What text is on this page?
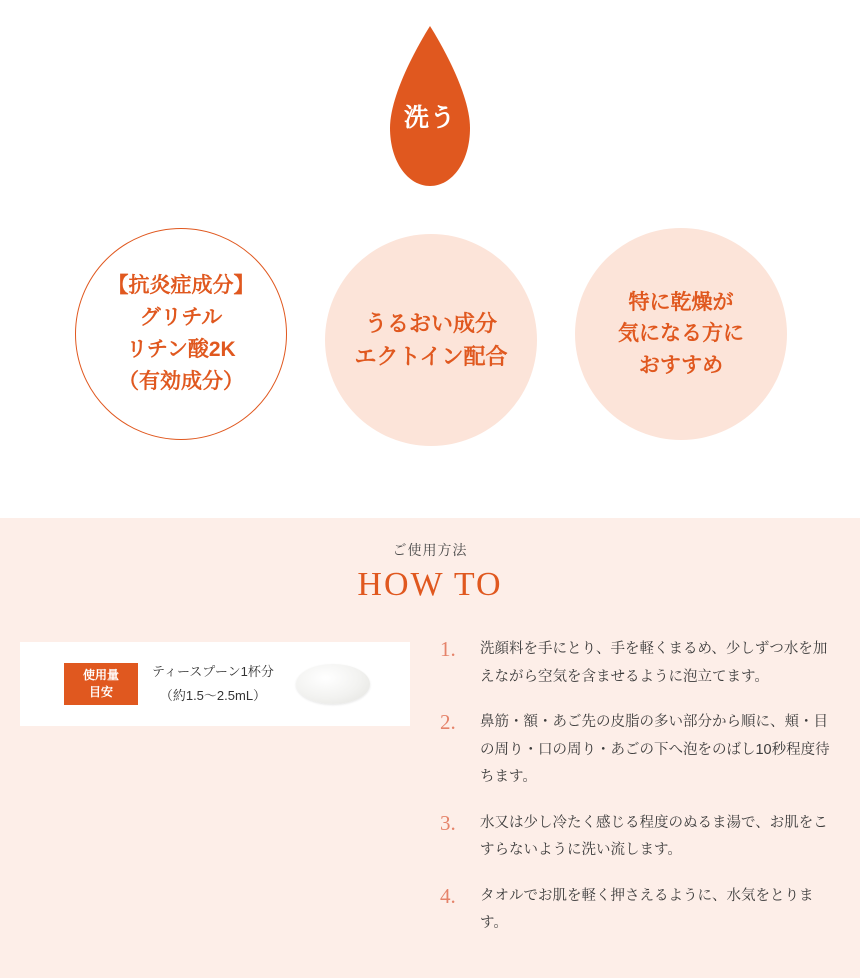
洗う
【抗炎症成分】
グリチル
リチン酸2K
（有効成分）
うるおい成分
エクトイン配合
特に乾燥が
気になる方に
おすすめ
ご使用方法
HOW TO
使用量
目安
ティースプーン1杯分
（約1.5〜2.5mL）
1.	洗顔料を手にとり、手を軽くまるめ、少しずつ水を加えながら空気を含ませるように泡立てます。
2.	鼻筋・額・あご先の皮脂の多い部分から順に、頬・目の周り・口の周り・あごの下へ泡をのばし10秒程度待ちます。
3.	水又は少し冷たく感じる程度のぬるま湯で、お肌をこすらないように洗い流します。
4.	タオルでお肌を軽く押さえるように、水気をとります。
